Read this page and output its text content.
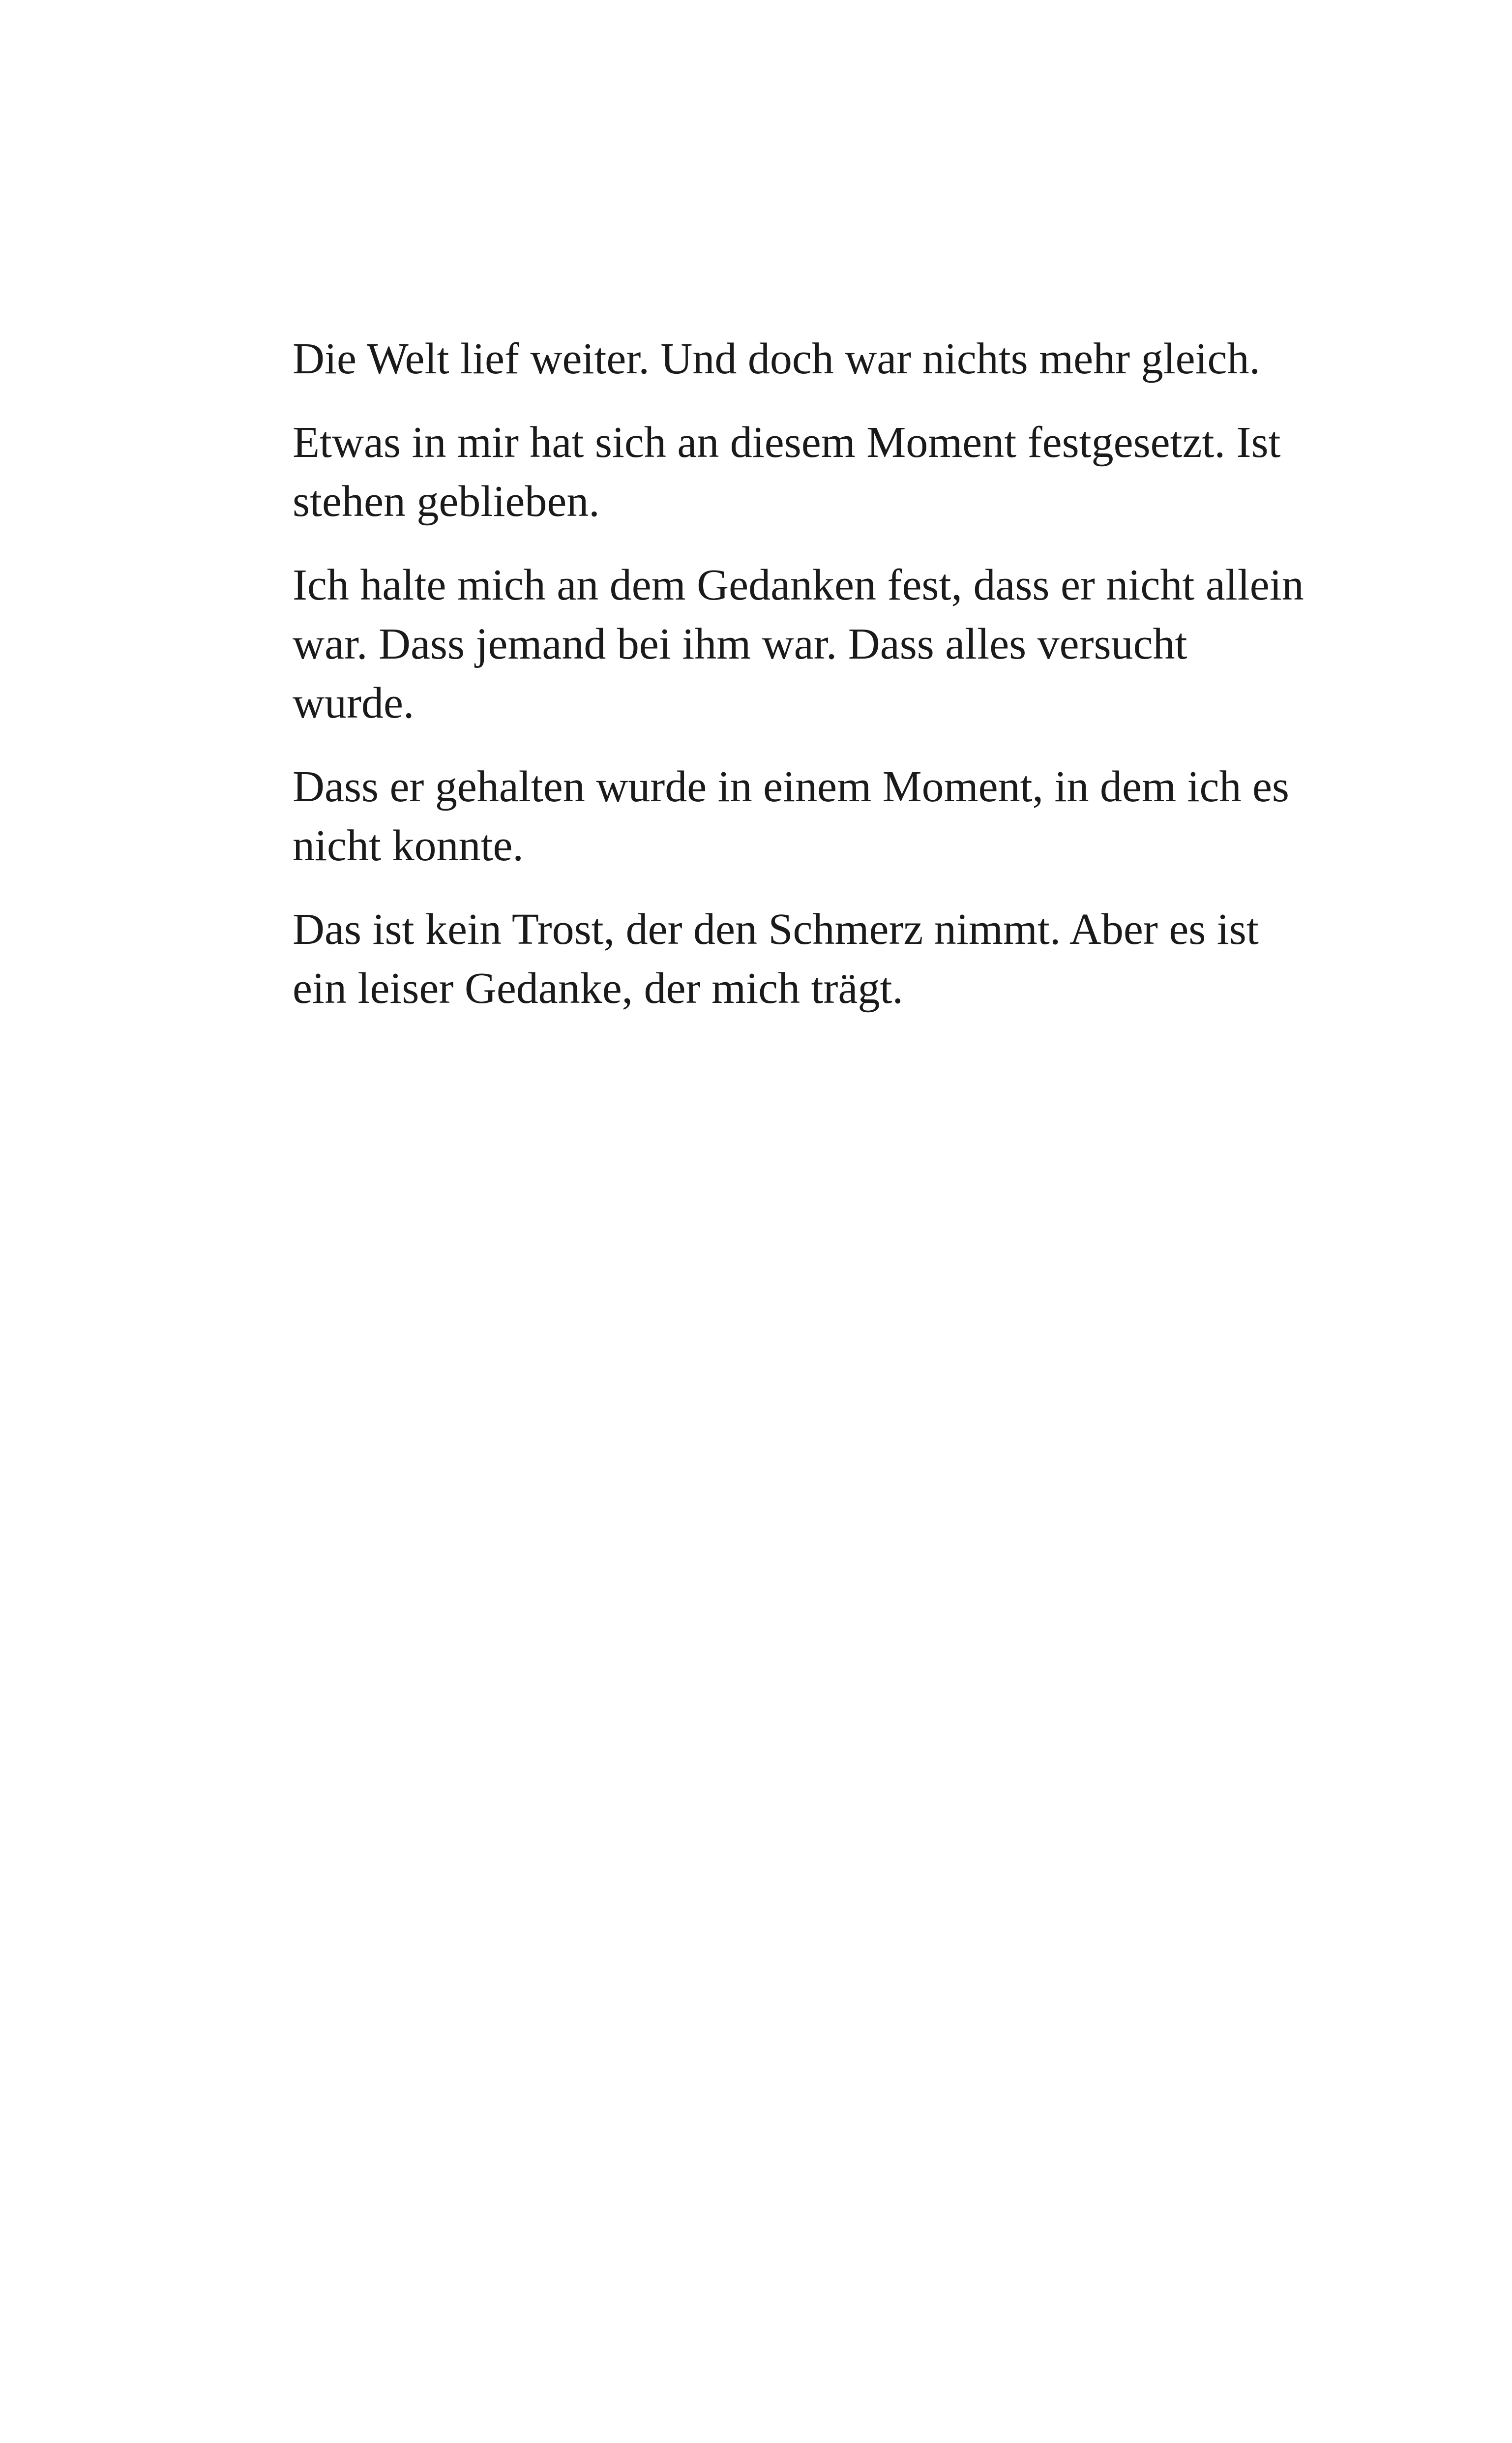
Die Welt lief weiter. Und doch war nichts mehr gleich.

Etwas in mir hat sich an diesem Moment festgesetzt. Ist stehen geblieben.

Ich halte mich an dem Gedanken fest, dass er nicht allein war. Dass jemand bei ihm war. Dass alles versucht wurde.

Dass er gehalten wurde in einem Moment, in dem ich es nicht konnte.

Das ist kein Trost, der den Schmerz nimmt. Aber es ist ein leiser Gedanke, der mich trägt.
